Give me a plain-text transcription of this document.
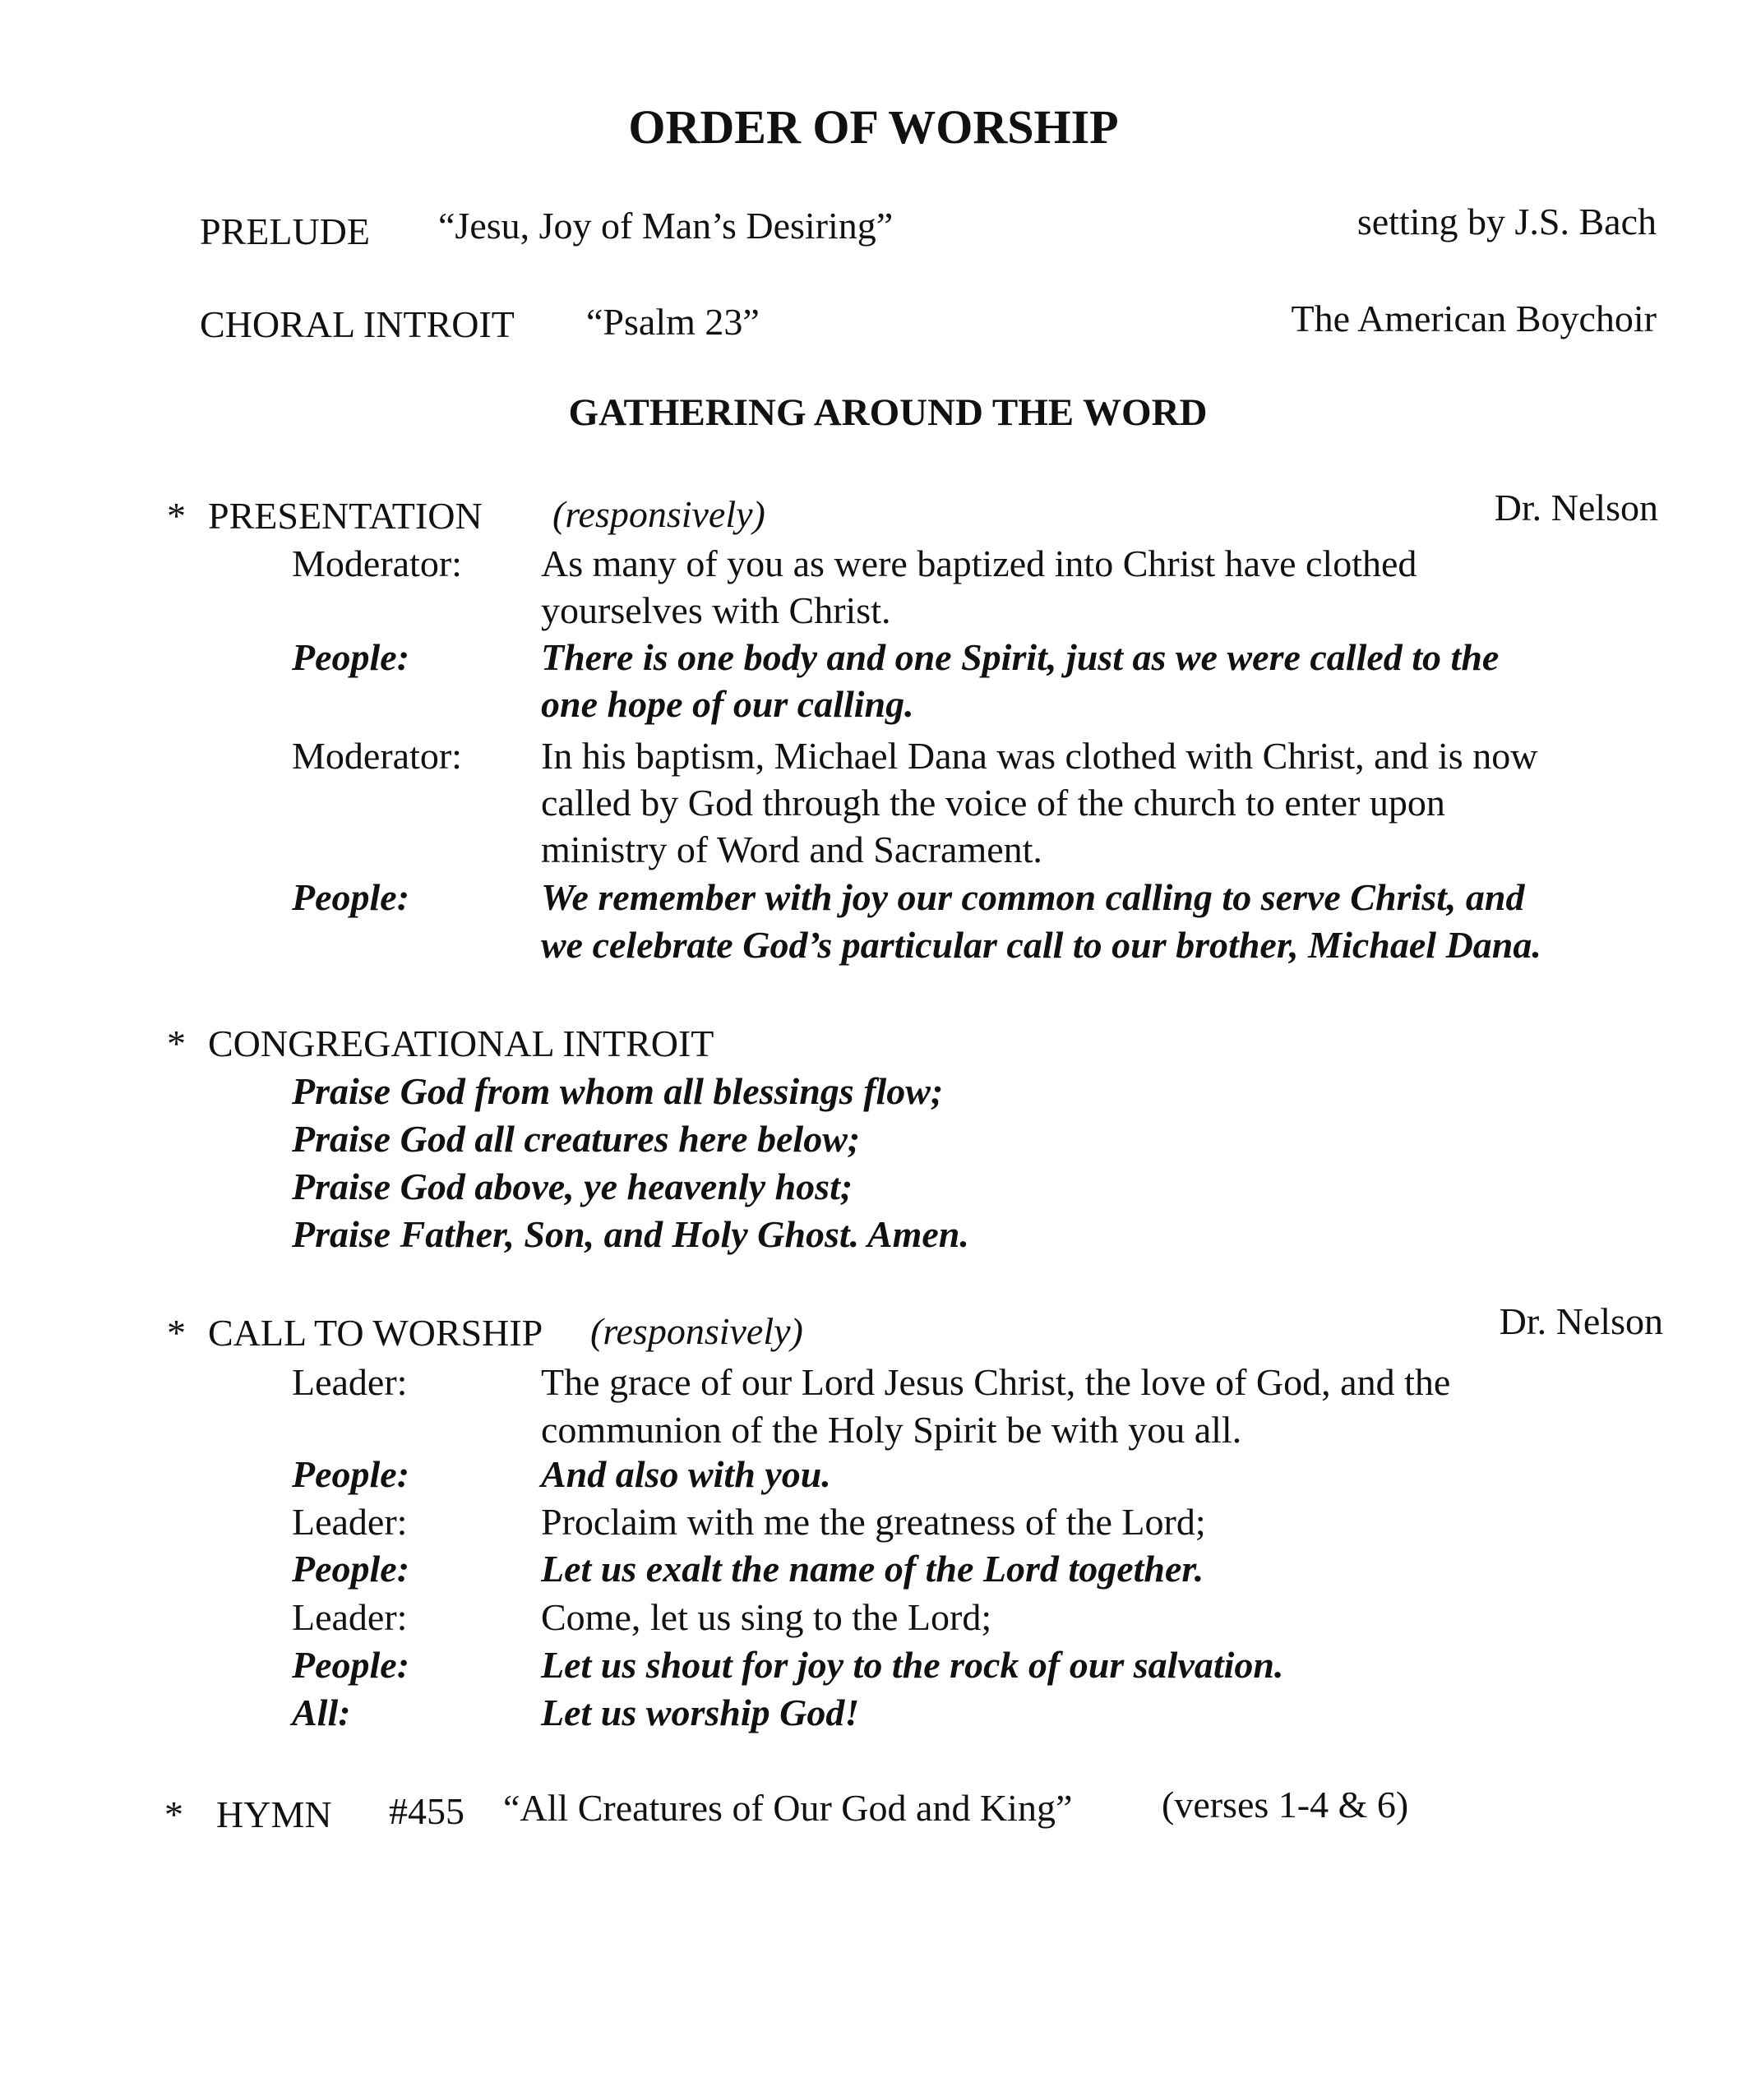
ORDER OF WORSHIP
PRELUDE “Jesu, Joy of Man’s Desiring”	setting by J.S. Bach
CHORAL INTROIT “Psalm 23”	The American Boychoir
GATHERING AROUND THE WORD
* PRESENTATION (responsively)	Dr. Nelson
Moderator: As many of you as were baptized into Christ have clothed
yourselves with Christ.
People:	There is one body and one Spirit, just as we were called to the
one hope of our calling.
Moderator: In his baptism, Michael Dana was clothed with Christ, and is now
called by God through the voice of the church to enter upon
ministry of Word and Sacrament.
People:	We remember with joy our common calling to serve Christ, and
we celebrate God’s particular call to our brother, Michael Dana.
* CONGREGATIONAL INTROIT
Praise God from whom all blessings flow;
Praise God all creatures here below;
Praise God above, ye heavenly host;
Praise Father, Son, and Holy Ghost. Amen.
* CALL TO WORSHIP (responsively)	Dr. Nelson
Leader:	The grace of our Lord Jesus Christ, the love of God, and the
communion of the Holy Spirit be with you all.
People:	And also with you.
Leader:	Proclaim with me the greatness of the Lord;
People:	Let us exalt the name of the Lord together.
Leader:	Come, let us sing to the Lord;
People:	Let us shout for joy to the rock of our salvation.
All:	Let us worship God!
* HYMN #455 “All Creatures of Our God and King” (verses 1-4 & 6)
